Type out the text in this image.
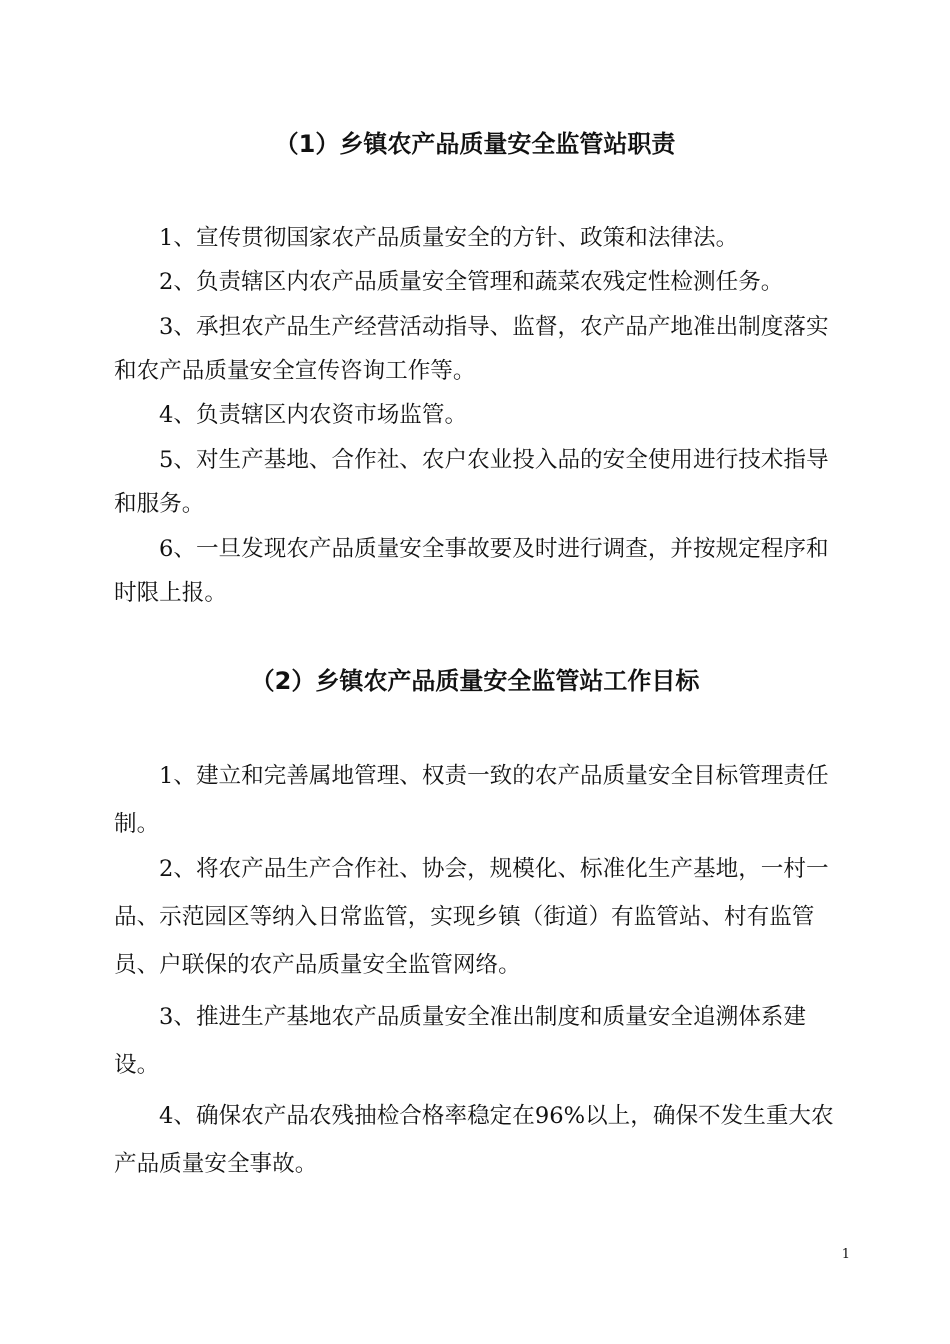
（1）乡镇农产品质量安全监管站职责
1、宣传贯彻国家农产品质量安全的方针、政策和法律法。
2、负责辖区内农产品质量安全管理和蔬菜农残定性检测任务。
3、承担农产品生产经营活动指导、监督，农产品产地准出制度落实和农产品质量安全宣传咨询工作等。
4、负责辖区内农资市场监管。
5、对生产基地、合作社、农户农业投入品的安全使用进行技术指导和服务。
6、一旦发现农产品质量安全事故要及时进行调查，并按规定程序和时限上报。
（2）乡镇农产品质量安全监管站工作目标
1、建立和完善属地管理、权责一致的农产品质量安全目标管理责任制。
2、将农产品生产合作社、协会，规模化、标准化生产基地，一村一品、示范园区等纳入日常监管，实现乡镇（街道）有监管站、村有监管员、户联保的农产品质量安全监管网络。
3、推进生产基地农产品质量安全准出制度和质量安全追溯体系建设。
4、确保农产品农残抽检合格率稳定在96%以上，确保不发生重大农产品质量安全事故。
1
